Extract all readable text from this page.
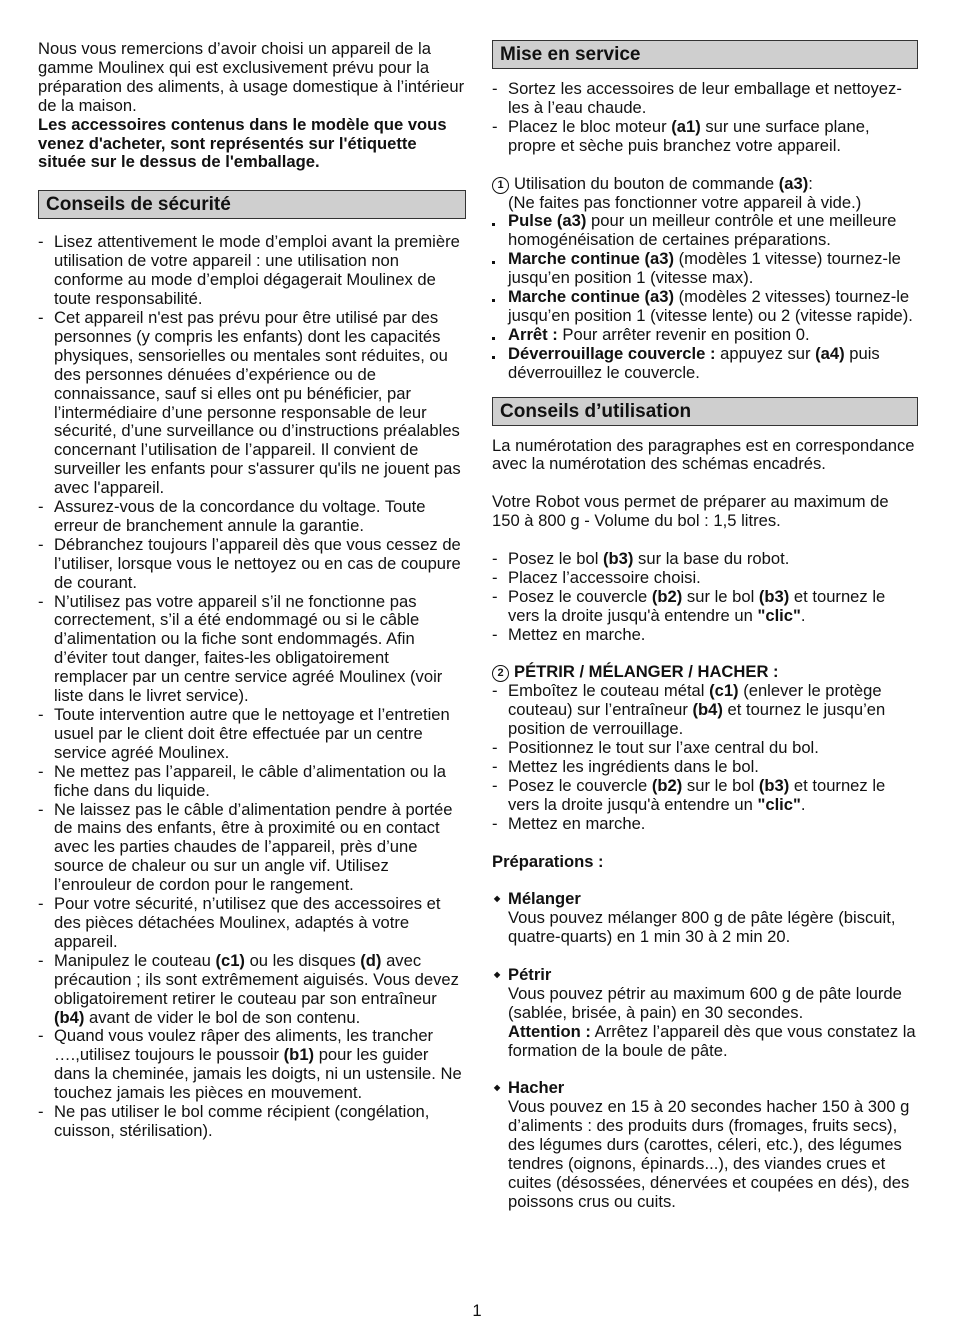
Nous vous remercions d’avoir choisi un appareil de la gamme Moulinex qui est exclusivement prévu pour la préparation des aliments, à usage domestique à l’intérieur de la maison.

Les accessoires contenus dans le modèle que vous venez d'acheter, sont représentés sur l'étiquette située sur le dessus de l'emballage.

Conseils de sécurité
- Lisez attentivement le mode d’emploi avant la première utilisation de votre appareil : une utilisation non conforme au mode d’emploi dégagerait Moulinex de toute responsabilité.
- Cet appareil n'est pas prévu pour être utilisé par des personnes (y compris les enfants) dont les capacités physiques, sensorielles ou mentales sont réduites, ou des personnes dénuées d’expérience ou de connaissance, sauf si elles ont pu bénéficier, par l’intermédiaire d’une personne responsable de leur sécurité, d’une surveillance ou d’instructions préalables concernant l’utilisation de l’appareil. Il convient de surveiller les enfants pour s'assurer qu'ils ne jouent pas avec l'appareil.
- Assurez-vous de la concordance du voltage. Toute erreur de branchement annule la garantie.
- Débranchez toujours l’appareil dès que vous cessez de l’utiliser, lorsque vous le nettoyez ou en cas de coupure de courant.
- N’utilisez pas votre appareil s’il ne fonctionne pas correctement, s’il a été endommagé ou si le câble d’alimentation ou la fiche sont endommagés. Afin d’éviter tout danger, faites-les obligatoirement remplacer par un centre service agréé Moulinex (voir liste dans le livret service).
- Toute intervention autre que le nettoyage et l’entretien usuel par le client doit être effectuée par un centre service agréé Moulinex.
- Ne mettez pas l’appareil, le câble d’alimentation ou la fiche dans du liquide.
- Ne laissez pas le câble d’alimentation pendre à portée de mains des enfants, être à proximité ou en contact avec les parties chaudes de l’appareil, près d’une source de chaleur ou sur un angle vif. Utilisez l’enrouleur de cordon pour le rangement.
- Pour votre sécurité, n’utilisez que des accessoires et des pièces détachées Moulinex, adaptés à votre appareil.
- Manipulez le couteau (c1) ou les disques (d) avec précaution ; ils sont extrêmement aiguisés. Vous devez obligatoirement retirer le couteau par son entraîneur (b4) avant de vider le bol de son contenu.
- Quand vous voulez râper des aliments, les trancher ….,utilisez toujours le poussoir (b1) pour les guider dans la cheminée, jamais les doigts, ni un ustensile. Ne touchez jamais les pièces en mouvement.
- Ne pas utiliser le bol comme récipient (congélation, cuisson, stérilisation).
Mise en service
- Sortez les accessoires de leur emballage et nettoyez-les à l’eau chaude.
- Placez le bloc moteur (a1) sur une surface plane, propre et sèche puis branchez votre appareil.

1 Utilisation du bouton de commande (a3):

(Ne faites pas fonctionner votre appareil à vide.)

Pulse (a3) pour un meilleur contrôle et une meilleure homogénéisation de certaines préparations.
Marche continue (a3) (modèles 1 vitesse) tournez-le jusqu’en position 1 (vitesse max).
Marche continue (a3) (modèles 2 vitesses) tournez-le jusqu’en position 1 (vitesse lente) ou 2 (vitesse rapide).
Arrêt : Pour arrêter revenir en position 0.
Déverrouillage couvercle : appuyez sur (a4) puis déverrouillez le couvercle.
Conseils d’utilisation

La numérotation des paragraphes est en correspondance avec la numérotation des schémas encadrés.

Votre Robot vous permet de préparer au maximum de 150 à 800 g - Volume du bol : 1,5 litres.

- Posez le bol (b3) sur la base du robot.
- Placez l’accessoire choisi.
- Posez le couvercle (b2) sur le bol (b3) et tournez le vers la droite jusqu'à entendre un "clic".
- Mettez en marche.

2 PÉTRIR / MÉLANGER / HACHER :

- Emboîtez le couteau métal (c1) (enlever le protège couteau) sur l’entraîneur (b4) et tournez le jusqu’en position de verrouillage.
- Positionnez le tout sur l’axe central du bol.
- Mettez les ingrédients dans le bol.
- Posez le couvercle (b2) sur le bol (b3) et tournez le vers la droite jusqu'à entendre un "clic".
- Mettez en marche.

Préparations :

◆ Mélanger

Vous pouvez mélanger 800 g de pâte légère (biscuit, quatre-quarts) en 1 min 30 à 2 min 20.

◆ Pétrir

Vous pouvez pétrir au maximum 600 g de pâte lourde (sablée, brisée, à pain) en 30 secondes.

Attention : Arrêtez l’appareil dès que vous constatez la formation de la boule de pâte.

◆ Hacher

Vous pouvez en 15 à 20 secondes hacher 150 à 300 g d’aliments : des produits durs (fromages, fruits secs), des légumes durs (carottes, céleri, etc.), des légumes tendres (oignons, épinards...), des viandes crues et cuites (désossées, dénervées et coupées en dés), des poissons crus ou cuits.

1
